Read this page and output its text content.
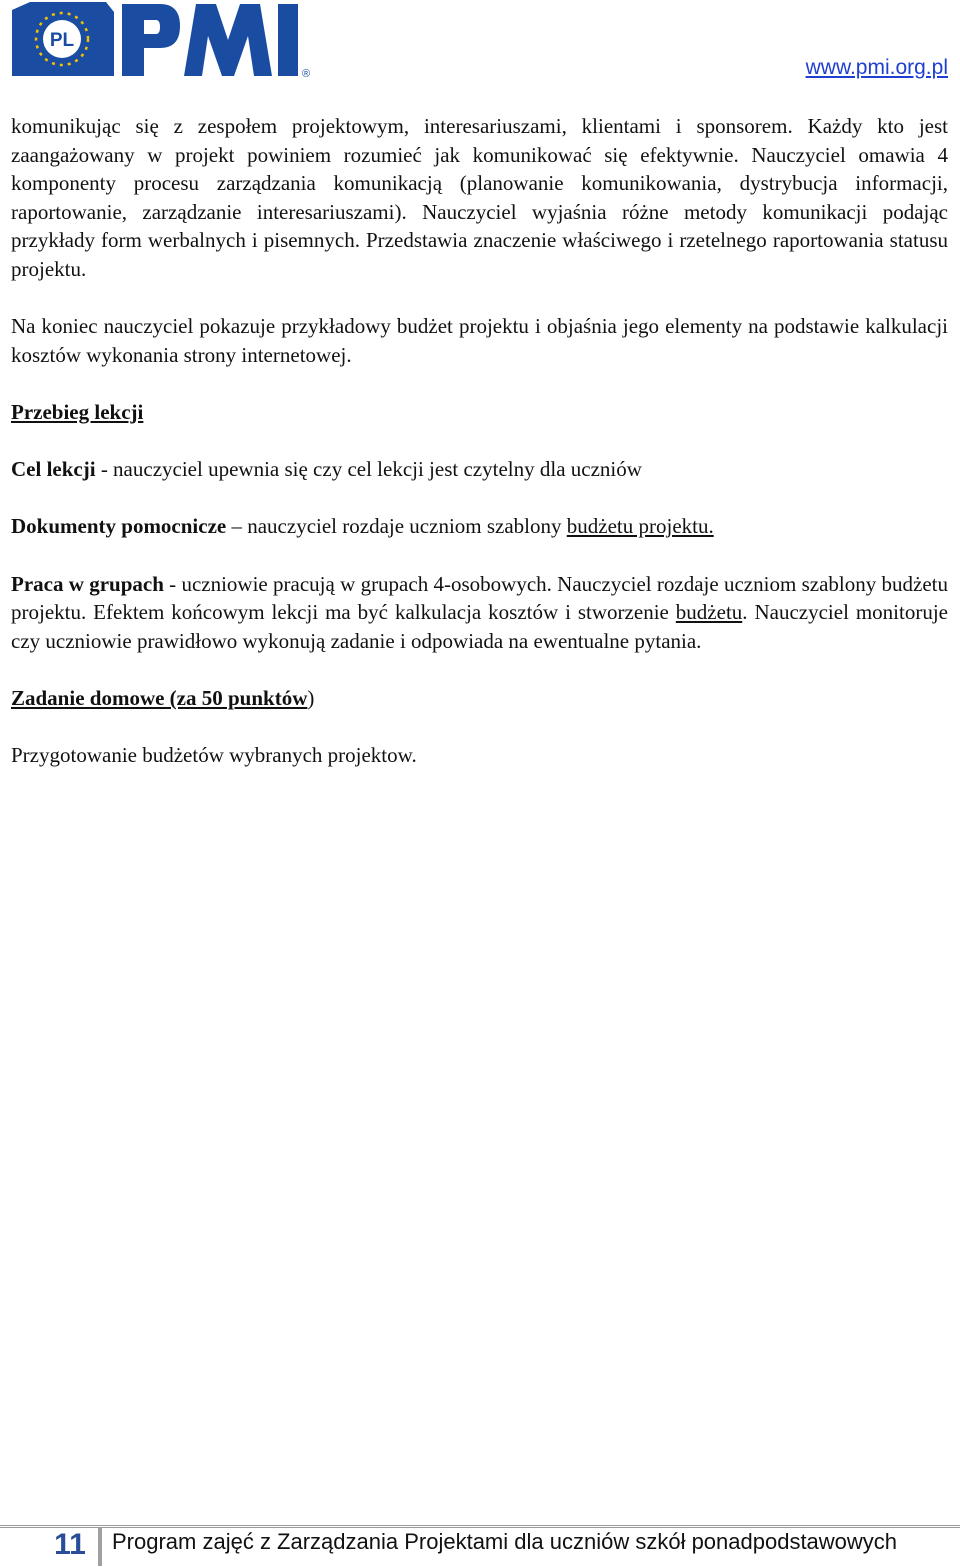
PL
®	www.pmi.org.pl

komunikując się z zespołem projektowym, interesariuszami, klientami i sponsorem. Każdy kto jest zaangażowany w projekt powiniem rozumieć jak komunikować się efektywnie. Nauczyciel omawia 4 komponenty procesu zarządzania komunikacją (planowanie komunikowania, dystrybucja informacji, raportowanie, zarządzanie interesariuszami). Nauczyciel wyjaśnia różne metody komunikacji podając przykłady form werbalnych i pisemnych. Przedstawia znaczenie właściwego i rzetelnego raportowania statusu projektu.

Na koniec nauczyciel pokazuje przykładowy budżet projektu i objaśnia jego elementy na podstawie kalkulacji kosztów wykonania strony internetowej.

Przebieg lekcji

Cel lekcji - nauczyciel upewnia się czy cel lekcji jest czytelny dla uczniów

Dokumenty pomocnicze – nauczyciel rozdaje uczniom szablony budżetu projektu.

Praca w grupach - uczniowie pracują w grupach 4-osobowych. Nauczyciel rozdaje uczniom szablony budżetu projektu. Efektem końcowym lekcji ma być kalkulacja kosztów i stworzenie budżetu. Nauczyciel monitoruje czy uczniowie prawidłowo wykonują zadanie i odpowiada na ewentualne pytania.

Zadanie domowe (za 50 punktów)

Przygotowanie budżetów wybranych projektow.

11	Program zajęć z Zarządzania Projektami dla uczniów szkół ponadpodstawowych
